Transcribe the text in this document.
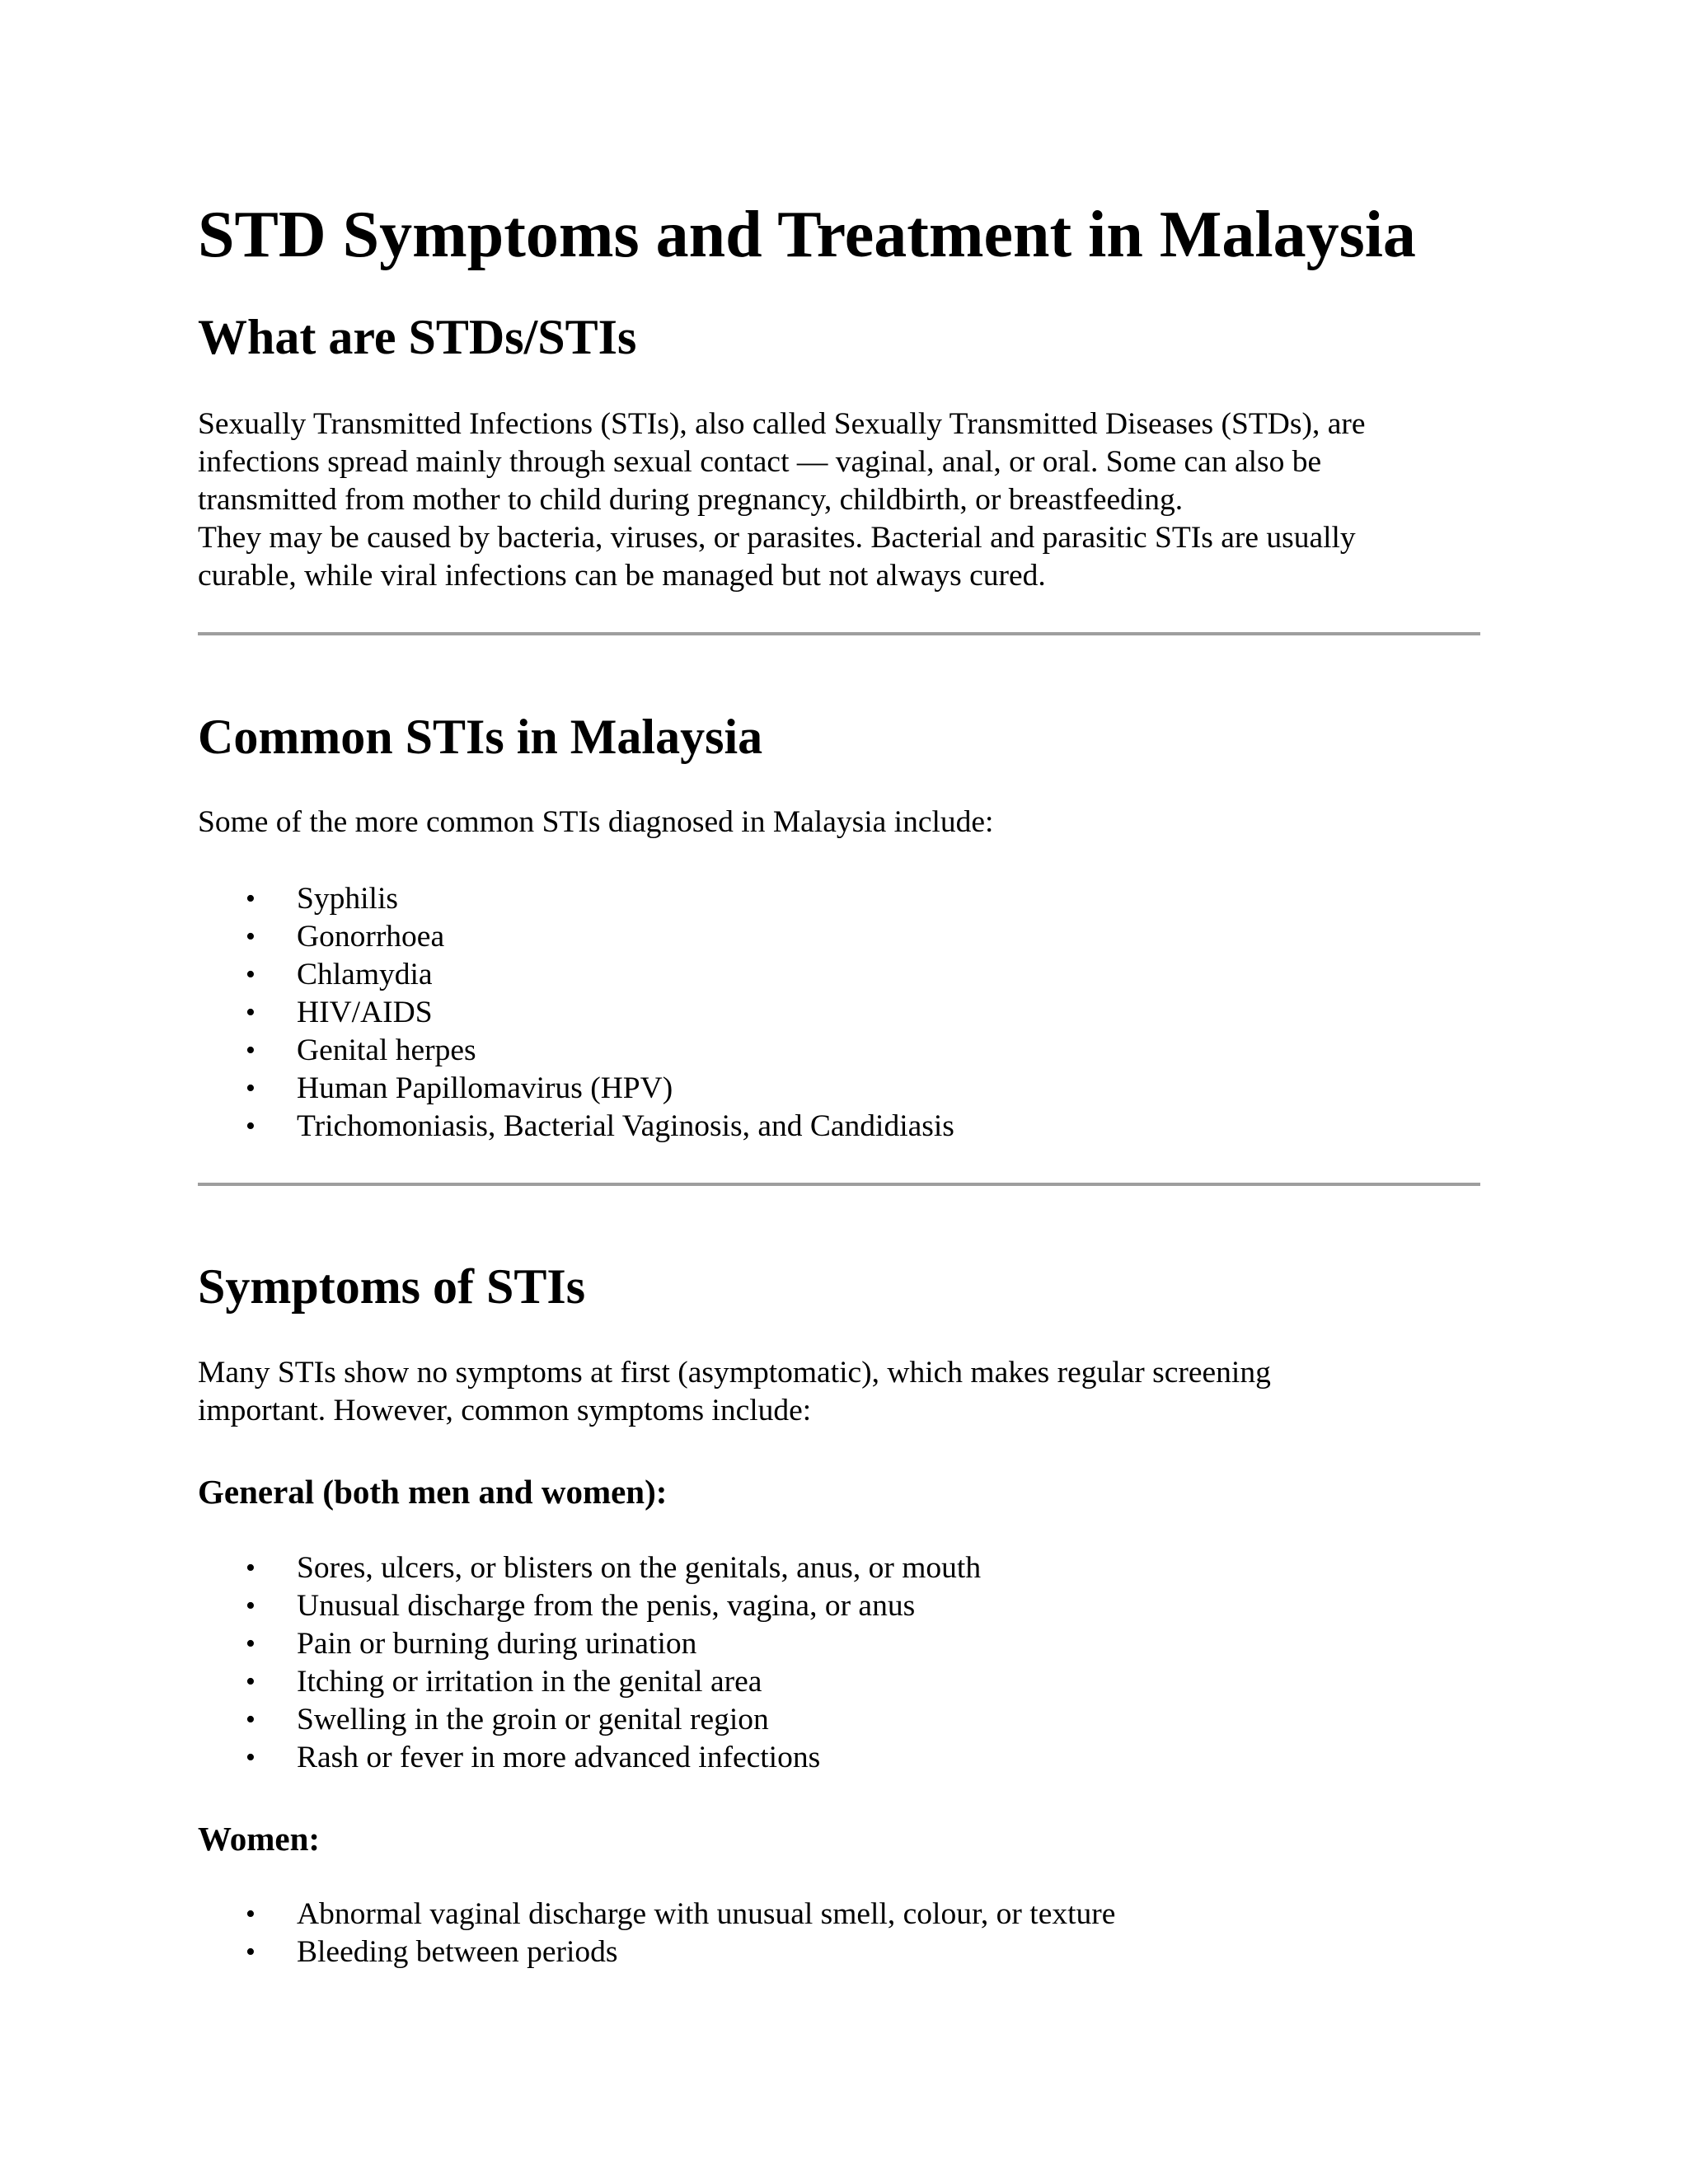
STD Symptoms and Treatment in Malaysia
What are STDs/STIs

Sexually Transmitted Infections (STIs), also called Sexually Transmitted Diseases (STDs), are
infections spread mainly through sexual contact — vaginal, anal, or oral. Some can also be
transmitted from mother to child during pregnancy, childbirth, or breastfeeding.
They may be caused by bacteria, viruses, or parasites. Bacterial and parasitic STIs are usually
curable, while viral infections can be managed but not always cured.

Common STIs in Malaysia

Some of the more common STIs diagnosed in Malaysia include:

• Syphilis
• Gonorrhoea
• Chlamydia
• HIV/AIDS
• Genital herpes
• Human Papillomavirus (HPV)
• Trichomoniasis, Bacterial Vaginosis, and Candidiasis
Symptoms of STIs

Many STIs show no symptoms at first (asymptomatic), which makes regular screening
important. However, common symptoms include:

General (both men and women):
• Sores, ulcers, or blisters on the genitals, anus, or mouth
• Unusual discharge from the penis, vagina, or anus
• Pain or burning during urination
• Itching or irritation in the genital area
• Swelling in the groin or genital region
• Rash or fever in more advanced infections
Women:
• Abnormal vaginal discharge with unusual smell, colour, or texture
• Bleeding between periods
